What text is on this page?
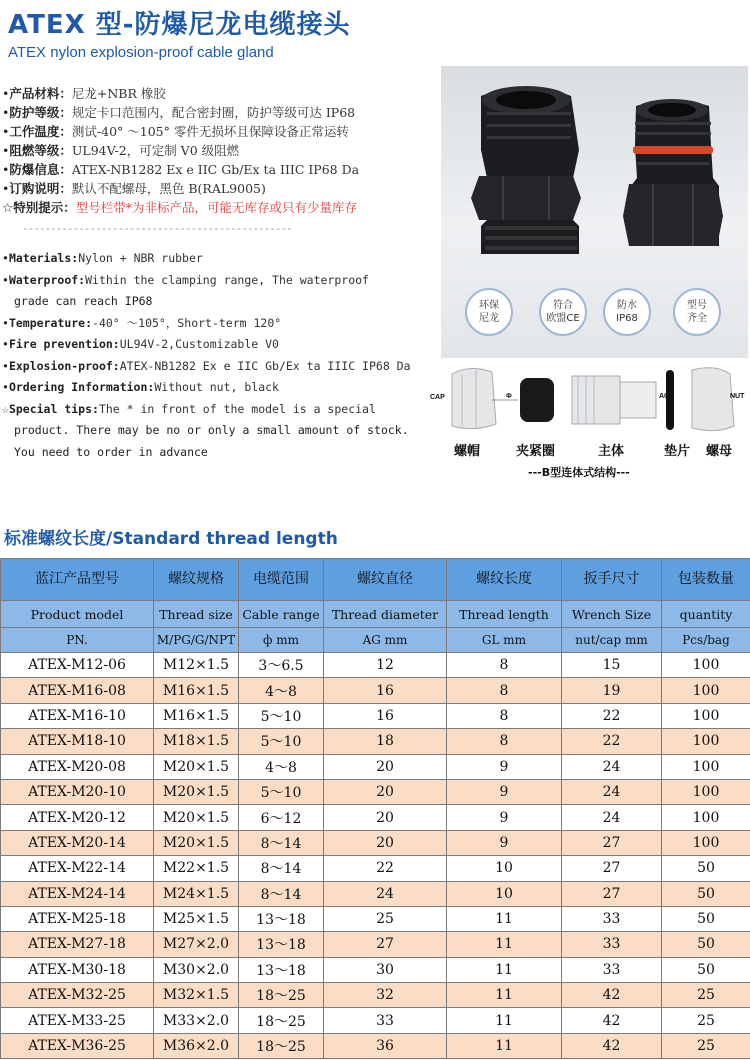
ATEX 型-防爆尼龙电缆接头
ATEX nylon explosion-proof cable gland
•产品材料：尼龙+NBR 橡胶
•防护等级：规定卡口范围内，配合密封圈，防护等级可达 IP68
•工作温度：测试-40° ～105° 零件无损坏且保障设备正常运转
•阻燃等级：UL94V-2，可定制 V0 级阻燃
•防爆信息：ATEX-NB1282 Ex e IIC Gb/Ex ta IIIC IP68 Da
•订购说明：默认不配螺母，黑色 B(RAL9005)
☆特别提示：型号栏带*为非标产品，可能无库存或只有少量库存
------------------------------------------------
•Materials:Nylon + NBR rubber
•Waterproof:Within the clamping range, The waterproof
grade can reach IP68
•Temperature:-40° ～105°，Short-term 120°
•Fire prevention:UL94V-2,Customizable V0
•Explosion-proof:ATEX-NB1282 Ex e IIC Gb/Ex ta IIIC IP68 Da
•Ordering Information:Without nut, black
☆Special tips:The * in front of the model is a special
product. There may be no or only a small amount of stock.
You need to order in advance
环保
尼龙
符合
欧盟CE
防水
IP68
型号
齐全
CAP	Φ	AG	NUT
螺帽	夹紧圈	主体	垫片 螺母
---B型连体式结构---
标准螺纹长度/Standard thread length
蓝江产品型号	螺纹规格	电缆范围	螺纹直径	螺纹长度	扳手尺寸	包装数量
Product model	Thread size	Cable range	Thread diameter	Thread length	Wrench Size	quantity
PN.	M/PG/G/NPT	ф mm	AG mm	GL mm	nut/cap mm	Pcs/bag
ATEX-M12-06	M12×1.5	3～6.5	12	8	15	100
ATEX-M16-08	M16×1.5	4～8	16	8	19	100
ATEX-M16-10	M16×1.5	5～10	16	8	22	100
ATEX-M18-10	M18×1.5	5～10	18	8	22	100
ATEX-M20-08	M20×1.5	4～8	20	9	24	100
ATEX-M20-10	M20×1.5	5～10	20	9	24	100
ATEX-M20-12	M20×1.5	6～12	20	9	24	100
ATEX-M20-14	M20×1.5	8～14	20	9	27	100
ATEX-M22-14	M22×1.5	8～14	22	10	27	50
ATEX-M24-14	M24×1.5	8～14	24	10	27	50
ATEX-M25-18	M25×1.5	13～18	25	11	33	50
ATEX-M27-18	M27×2.0	13～18	27	11	33	50
ATEX-M30-18	M30×2.0	13～18	30	11	33	50
ATEX-M32-25	M32×1.5	18～25	32	11	42	25
ATEX-M33-25	M33×2.0	18～25	33	11	42	25
ATEX-M36-25	M36×2.0	18～25	36	11	42	25
